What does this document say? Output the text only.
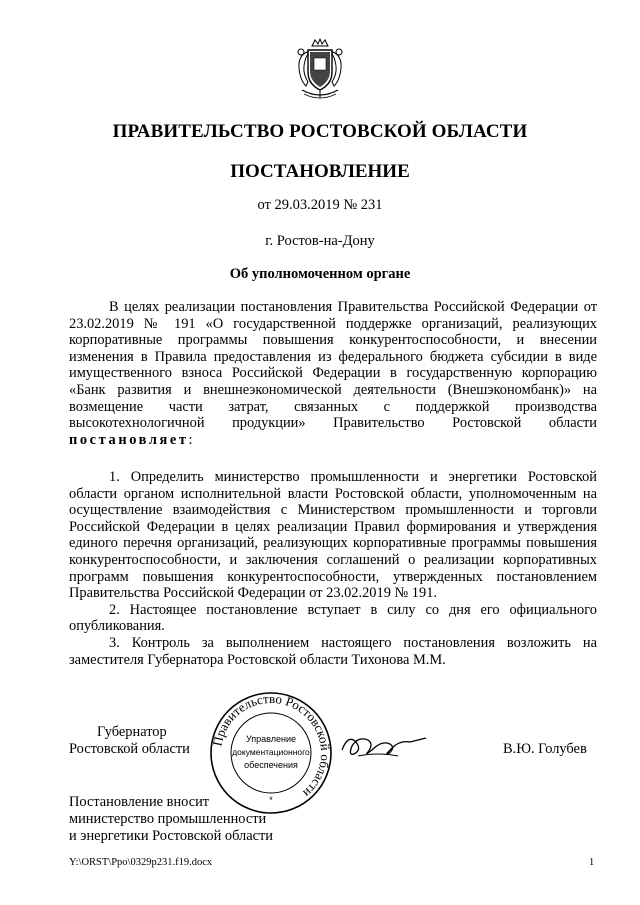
ПРАВИТЕЛЬСТВО РОСТОВСКОЙ ОБЛАСТИ
ПОСТАНОВЛЕНИЕ
от 29.03.2019 № 231
г. Ростов-на-Дону
Об уполномоченном органе

В целях реализации постановления Правительства Российской Федерации от 23.02.2019 № 191 «О государственной поддержке организаций, реализующих корпоративные программы повышения конкурентоспособности, и внесении изменения в Правила предоставления из федерального бюджета субсидии в виде имущественного взноса Российской Федерации в государственную корпорацию «Банк развития и внешнеэкономической деятельности (Внешэкономбанк)» на возмещение части затрат, связанных с поддержкой производства высокотехнологичной продукции» Правительство Ростовской области постановляет:

1. Определить министерство промышленности и энергетики Ростовской области органом исполнительной власти Ростовской области, уполномоченным на осуществление взаимодействия с Министерством промышленности и торговли Российской Федерации в целях реализации Правил формирования и утверждения единого перечня организаций, реализующих корпоративные программы повышения конкурентоспособности, и заключения соглашений о реализации корпоративных программ повышения конкурентоспособности, утвержденных постановлением Правительства Российской Федерации от 23.02.2019 № 191.

2. Настоящее постановление вступает в силу со дня его официального опубликования.

3. Контроль за выполнением настоящего постановления возложить на заместителя Губернатора Ростовской области Тихонова М.М.

Губернатор
Ростовской области Правительство Ростовской области
Управление
документационного
обеспечения
*
В.Ю. Голубев
Постановление вносит
министерство промышленности
и энергетики Ростовской области
Y:\ORST\Ppo\0329p231.f19.docx	1
